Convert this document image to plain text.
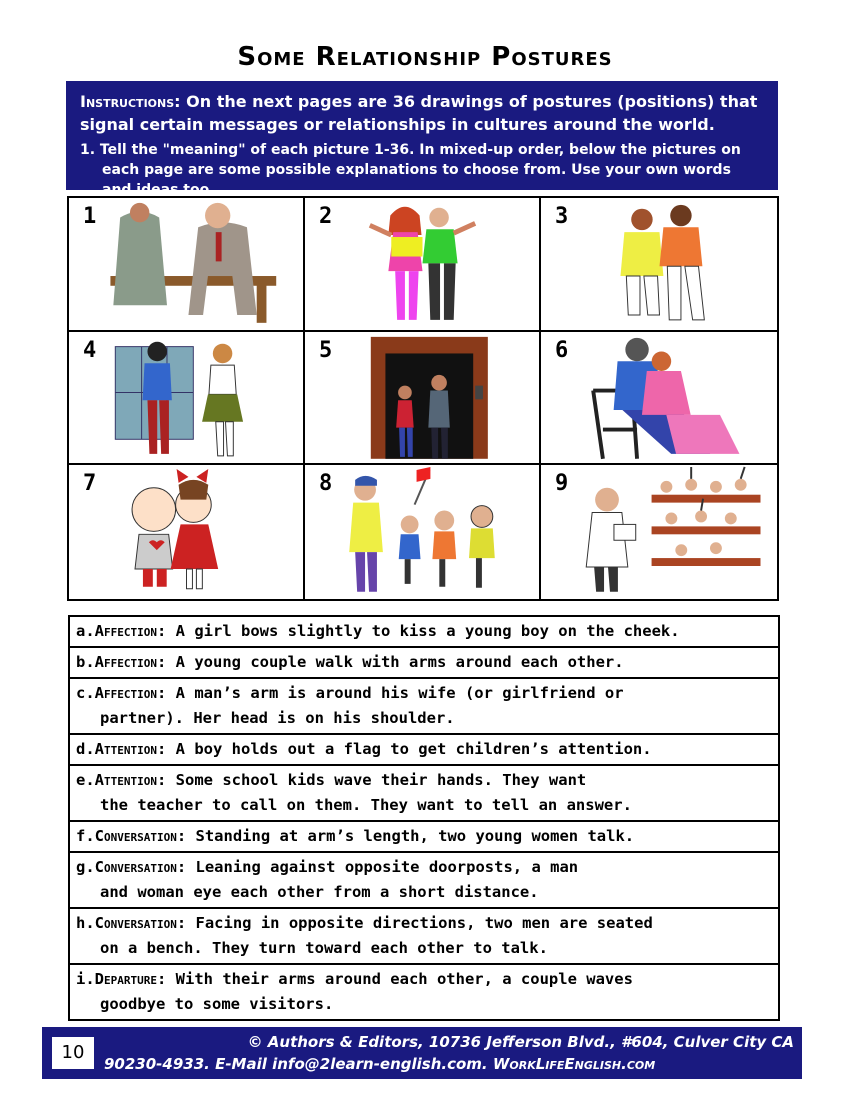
Some Relationship Postures
Instructions: On the next pages are 36 drawings of postures (positions) that signal certain messages or relationships in cultures around the world.
1. Tell the "meaning" of each picture 1-36. In mixed-up order, below the pictures on each page are some possible explanations to choose from. Use your own words and ideas too.
1	2	3
4	5	6
7	8	9
a.Affection: A girl bows slightly to kiss a young boy on the cheek.
b.Affection: A young couple walk with arms around each other.
c.Affection: A man’s arm is around his wife (or girlfriend or
partner). Her head is on his shoulder.
d.Attention: A boy holds out a flag to get children’s attention.
e.Attention: Some school kids wave their hands. They want
the teacher to call on them. They want to tell an answer.
f.Conversation: Standing at arm’s length, two young women talk.
g.Conversation: Leaning against opposite doorposts, a man
and woman eye each other from a short distance.
h.Conversation: Facing in opposite directions, two men are seated
on a bench. They turn toward each other to talk.
i.Departure: With their arms around each other, a couple waves
goodbye to some visitors.
10	© Authors & Editors, 10736 Jefferson Blvd., #604, Culver City CA
90230-4933. E-Mail info@2learn-english.com. WorkLifeEnglish.com
